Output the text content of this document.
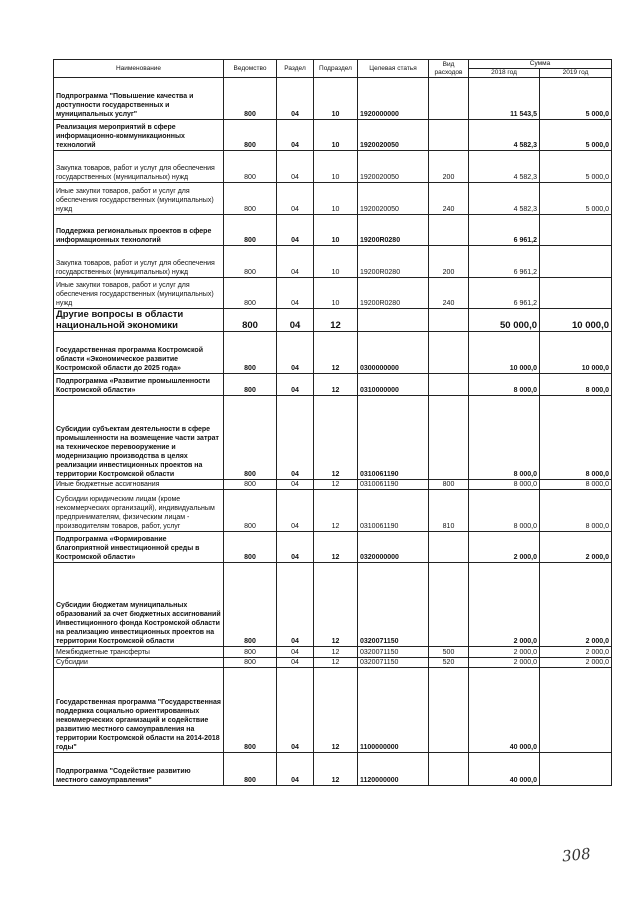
Наименование	Ведомство	Раздел	Подраздел	Целевая статья	Вид расходов	Сумма	
						2018 год	2019 год
Подпрограмма "Повышение качества и доступности государственных и муниципальных услуг"	800	04	10	1920000000		11 543,5	5 000,0
Реализация мероприятий в сфере информационно-коммуникационных технологий	800	04	10	1920020050		4 582,3	5 000,0
Закупка товаров, работ и услуг для обеспечения государственных (муниципальных) нужд	800	04	10	1920020050	200	4 582,3	5 000,0
Иные закупки товаров, работ и услуг для обеспечения государственных (муниципальных) нужд	800	04	10	1920020050	240	4 582,3	5 000,0
Поддержка региональных проектов в сфере информационных технологий	800	04	10	19200R0280		6 961,2	
Закупка товаров, работ и услуг для обеспечения государственных (муниципальных) нужд	800	04	10	19200R0280	200	6 961,2	
Иные закупки товаров, работ и услуг для обеспечения государственных (муниципальных) нужд	800	04	10	19200R0280	240	6 961,2	
Другие вопросы в области национальной экономики	800	04	12			50 000,0	10 000,0
Государственная программа Костромской области «Экономическое развитие Костромской области до 2025 года»	800	04	12	0300000000		10 000,0	10 000,0
Подпрограмма «Развитие промышленности Костромской области»	800	04	12	0310000000		8 000,0	8 000,0
Субсидии субъектам деятельности в сфере промышленности на возмещение части затрат на техническое перевооружение и модернизацию производства в целях реализации инвестиционных проектов на территории Костромской области	800	04	12	0310061190		8 000,0	8 000,0
Иные бюджетные ассигнования	800	04	12	0310061190	800	8 000,0	8 000,0
Субсидии юридическим лицам (кроме некоммерческих организаций), индивидуальным предпринимателям, физическим лицам - производителям товаров, работ, услуг	800	04	12	0310061190	810	8 000,0	8 000,0
Подпрограмма «Формирование благоприятной инвестиционной среды в Костромской области»	800	04	12	0320000000		2 000,0	2 000,0
Субсидии бюджетам муниципальных образований за счет бюджетных ассигнований Инвестиционного фонда Костромской области на реализацию инвестиционных проектов на территории Костромской области	800	04	12	0320071150		2 000,0	2 000,0
Межбюджетные трансферты	800	04	12	0320071150	500	2 000,0	2 000,0
Субсидии	800	04	12	0320071150	520	2 000,0	2 000,0
Государственная программа "Государственная поддержка социально ориентированных некоммерческих организаций и содействие развитию местного самоуправления на территории Костромской области на 2014-2018 годы"	800	04	12	1100000000		40 000,0	
Подпрограмма "Содействие развитию местного самоуправления"	800	04	12	1120000000		40 000,0	
308
